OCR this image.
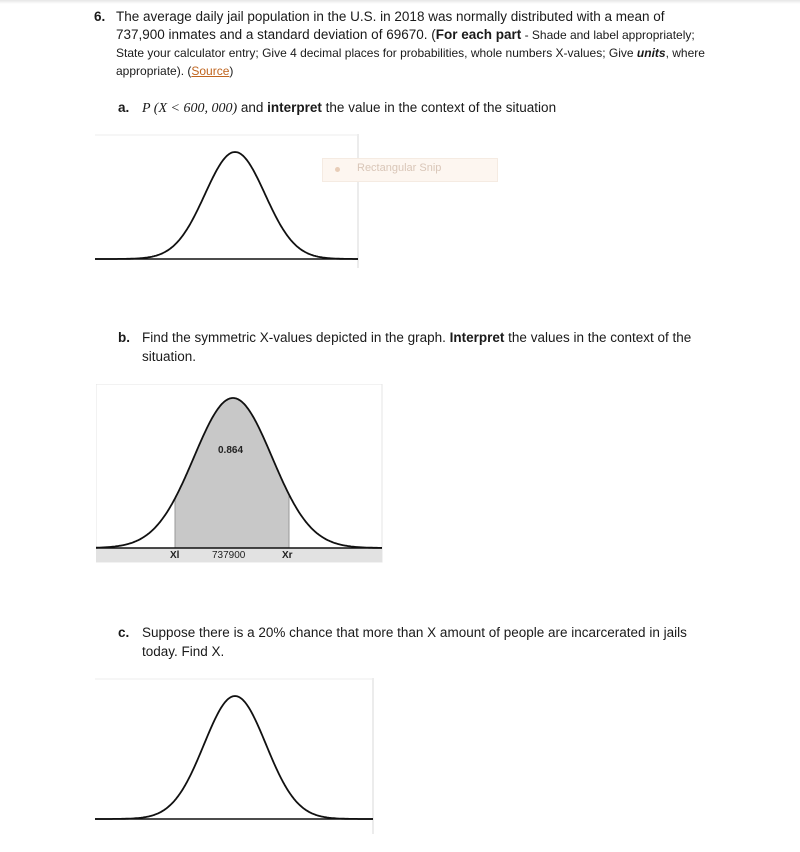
6. The average daily jail population in the U.S. in 2018 was normally distributed with a mean of 737,900 inmates and a standard deviation of 69670. (For each part - Shade and label appropriately; State your calculator entry; Give 4 decimal places for probabilities, whole numbers X-values; Give units, where appropriate). (Source)
a. P (X < 600, 000) and interpret the value in the context of the situation
Rectangular Snip
b. Find the symmetric X-values depicted in the graph. Interpret the values in the context of the situation.
0.864
Xl	737900	Xr
c. Suppose there is a 20% chance that more than X amount of people are incarcerated in jails today. Find X.
